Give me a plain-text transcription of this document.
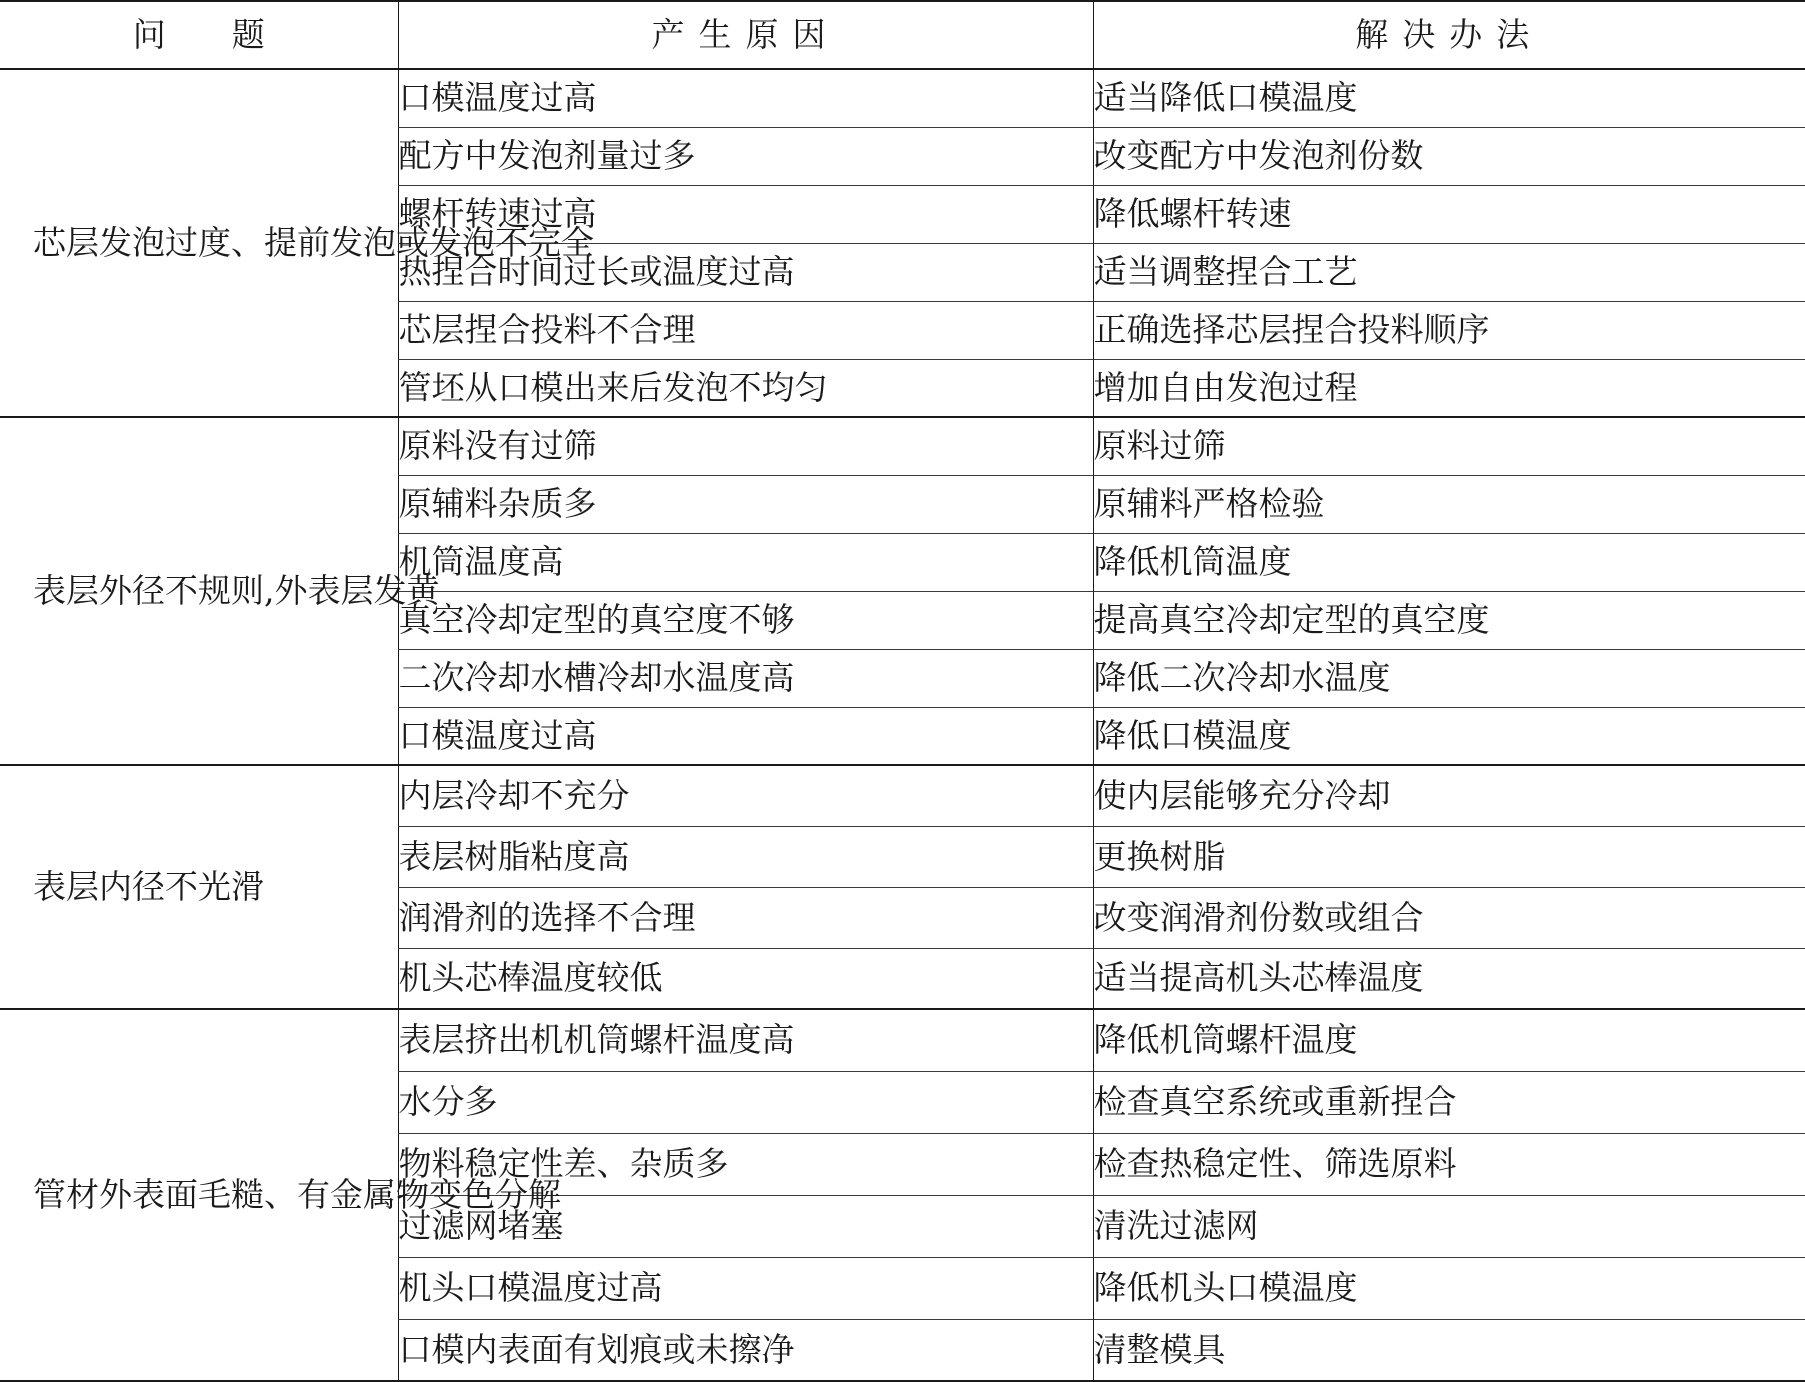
问 题	产生原因	解决办法
芯层发泡过度、提前发泡或发泡不完全	口模温度过高	适当降低口模温度
	配方中发泡剂量过多	改变配方中发泡剂份数
	螺杆转速过高	降低螺杆转速
	热捏合时间过长或温度过高	适当调整捏合工艺
	芯层捏合投料不合理	正确选择芯层捏合投料顺序
	管坯从口模出来后发泡不均匀	增加自由发泡过程
表层外径不规则,外表层发黄	原料没有过筛	原料过筛
	原辅料杂质多	原辅料严格检验
	机筒温度高	降低机筒温度
	真空冷却定型的真空度不够	提高真空冷却定型的真空度
	二次冷却水槽冷却水温度高	降低二次冷却水温度
	口模温度过高	降低口模温度
表层内径不光滑	内层冷却不充分	使内层能够充分冷却
	表层树脂粘度高	更换树脂
	润滑剂的选择不合理	改变润滑剂份数或组合
	机头芯棒温度较低	适当提高机头芯棒温度
管材外表面毛糙、有金属物变色分解	表层挤出机机筒螺杆温度高	降低机筒螺杆温度
	水分多	检查真空系统或重新捏合
	物料稳定性差、杂质多	检查热稳定性、筛选原料
	过滤网堵塞	清洗过滤网
	机头口模温度过高	降低机头口模温度
	口模内表面有划痕或未擦净	清整模具
